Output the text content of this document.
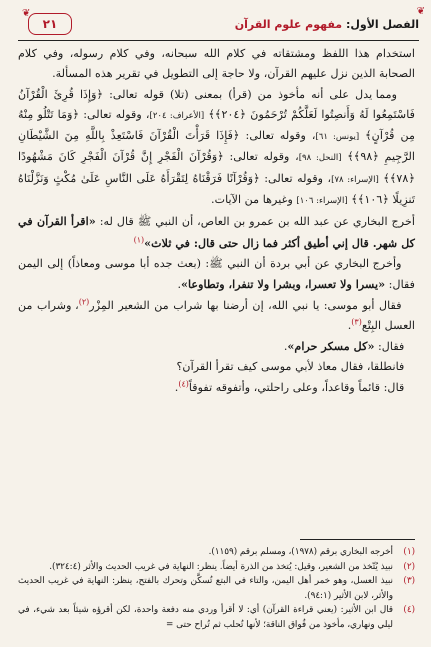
❦
الفصل الأول: مفهوم علوم القرآن
٢١
❦

استخدام هذا اللفظ ومشتقاته في كلام الله سبحانه، وفي كلام رسوله، وفي كلام الصحابة الذين نزل عليهم القرآن، ولا حاجة إلى التطويل في تقرير هذه المسألة.

ومما يدل على أنه مأخوذ من (قرأ) بمعنى (تلا) قوله تعالى: ﴿وَإِذَا قُرِئَ الْقُرْآنُ فَاسْتَمِعُوا لَهُ وَأَنصِتُوا لَعَلَّكُمْ تُرْحَمُونَ ﴿٢٠٤﴾﴾ [الأعراف: ٢٠٤]، وقوله تعالى: ﴿وَمَا تَتْلُو مِنْهُ مِن قُرْآنٍ﴾ [يونس: ٦١]، وقوله تعالى: ﴿فَإِذَا قَرَأْتَ الْقُرْآنَ فَاسْتَعِذْ بِاللَّهِ مِنَ الشَّيْطَانِ الرَّجِيمِ ﴿٩٨﴾﴾ [النحل: ٩٨]، وقوله تعالى: ﴿وَقُرْآنَ الْفَجْرِ إِنَّ قُرْآنَ الْفَجْرِ كَانَ مَشْهُودًا ﴿٧٨﴾﴾ [الإسراء: ٧٨]، وقوله تعالى: ﴿وَقُرْآنًا فَرَقْنَاهُ لِتَقْرَأَهُ عَلَى النَّاسِ عَلَىٰ مُكْثٍ وَنَزَّلْنَاهُ تَنزِيلًا ﴿١٠٦﴾﴾ [الإسراء: ١٠٦] وغيرها من الآيات.

أخرج البخاري عن عبد الله بن عمرو بن العاص، أن النبي ﷺ قال له: «اقرأ القرآن في كل شهر. قال إني أطيق أكثر فما زال حتى قال: في ثلاث»$^{(١)}$

وأخرج البخاري عن أبي بردة أن النبي ﷺ: (بعث جده أبا موسى ومعاذاً) إلى اليمن فقال: «يسرا ولا تعسرا، وبشرا ولا تنفرا، وتطاوعا».

فقال أبو موسى: يا نبي الله، إن أرضنا بها شراب من الشعير المِزْر$^{(٢)}$، وشراب من العسل البِتْع$^{(٣)}$.

فقال: «كل مسكر حرام».

فانطلقا، فقال معاذ لأبي موسى كيف تقرأ القرآن؟

قال: قائماً وقاعداً، وعلى راحلتي، وأتفوقه تفوقاً$^{(٤)}$.

(١)
أخرجه البخاري برقم (١٩٧٨)، ومسلم برقم (١١٥٩).
(٢)
نبيذ يُتّخذ من الشعير، وقيل: يُتخذ من الذرة أيضاً. ينظر: النهاية في غريب الحديث والأثر (٣٢٤:٤).
(٣)
نبيذ العسل، وهو خمر أهل اليمن، والتاء في البتع تُسكَّن وتحرك بالفتح، ينظر: النهاية في غريب الحديث والأثر، لابن الأثير (٩٤:١).
(٤)
قال ابن الأثير: (يعني قراءة القرآن) أي: لا أقرأ وردي منه دفعة واحدة، لكن أقرؤه شيئاً بعد شيء، في ليلي ونهاري، مأخوذ من فُواق الناقة؛ لأنها تُحلب ثم تُراح حتى =
